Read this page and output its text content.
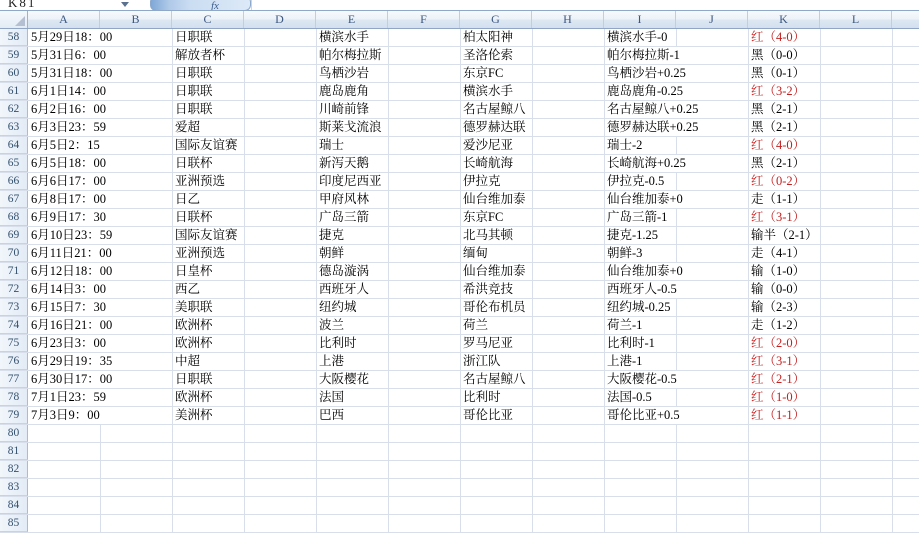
K81	fx
A	B	C	D	E	F	G	H	I	J	K	L
58 5月29日18：00	日职联	横滨水手	柏太阳神	横滨水手-0	红（4-0）
59 5月31日6：00	解放者杯	帕尔梅拉斯	圣洛伦索	帕尔梅拉斯-1	黑（0-0）
60 5月31日18：00	日职联	鸟栖沙岩	东京FC	鸟栖沙岩+0.25	黑（0-1）
61 6月1日14：00	日职联	鹿岛鹿角	横滨水手	鹿岛鹿角-0.25	红（3-2）
62 6月2日16：00	日职联	川崎前锋	名古屋鲸八	名古屋鲸八+0.25	黑（2-1）
63 6月3日23：59	爱超	斯莱戈流浪	德罗赫达联	德罗赫达联+0.25	黑（2-1）
64 6月5日2：15	国际友谊赛	瑞士	爱沙尼亚	瑞士-2	红（4-0）
65 6月5日18：00	日联杯	新泻天鹅	长崎航海	长崎航海+0.25	黑（2-1）
66 6月6日17：00	亚洲预选	印度尼西亚	伊拉克	伊拉克-0.5	红（0-2）
67 6月8日17：00	日乙	甲府风林	仙台维加泰	仙台维加泰+0	走（1-1）
68 6月9日17：30	日联杯	广岛三箭	东京FC	广岛三箭-1	红（3-1）
69 6月10日23：59	国际友谊赛	捷克	北马其顿	捷克-1.25	输半（2-1）
70 6月11日21：00	亚洲预选	朝鲜	缅甸	朝鲜-3	走（4-1）
71 6月12日18：00	日皇杯	德岛漩涡	仙台维加泰	仙台维加泰+0	输（1-0）
72 6月14日3：00	西乙	西班牙人	希洪竞技	西班牙人-0.5	输（0-0）
73 6月15日7：30	美职联	纽约城	哥伦布机员	纽约城-0.25	输（2-3）
74 6月16日21：00	欧洲杯	波兰	荷兰	荷兰-1	走（1-2）
75 6月23日3：00	欧洲杯	比利时	罗马尼亚	比利时-1	红（2-0）
76 6月29日19：35	中超	上港	浙江队	上港-1	红（3-1）
77 6月30日17：00	日职联	大阪樱花	名古屋鲸八	大阪樱花-0.5	红（2-1）
78 7月1日23：59	欧洲杯	法国	比利时	法国-0.5	红（1-0）
79 7月3日9：00	美洲杯	巴西	哥伦比亚	哥伦比亚+0.5	红（1-1）
80
81
82
83
84
85
